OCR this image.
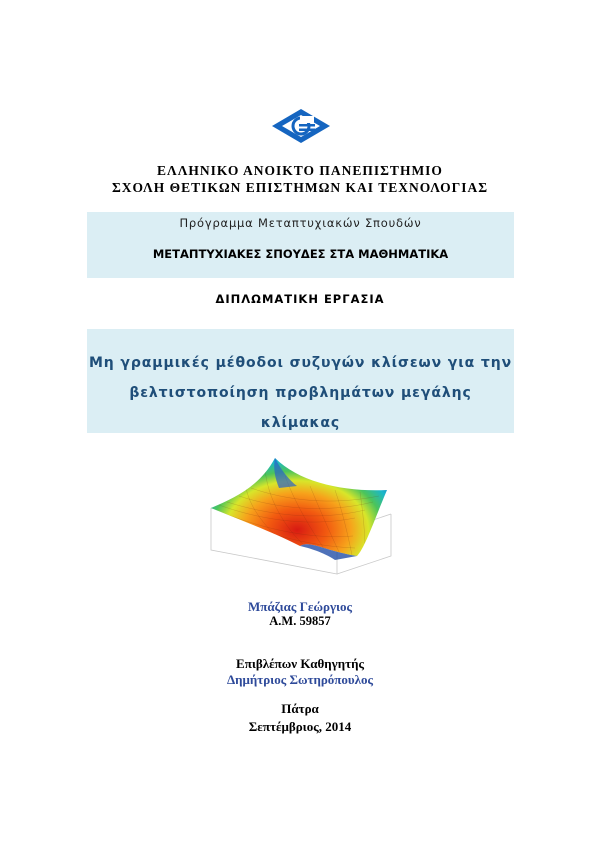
ΕΛΛΗΝΙΚΟ ΑΝΟΙΚΤΟ ΠΑΝΕΠΙΣΤΗΜΙΟ
ΣΧΟΛΗ ΘΕΤΙΚΩΝ ΕΠΙΣΤΗΜΩΝ ΚΑΙ ΤΕΧΝΟΛΟΓΙΑΣ
Πρόγραμμα Μεταπτυχιακών Σπουδών
ΜΕΤΑΠΤΥΧΙΑΚΕΣ ΣΠΟΥΔΕΣ ΣΤΑ ΜΑΘΗΜΑΤΙΚΑ
ΔΙΠΛΩΜΑΤΙΚΗ ΕΡΓΑΣΙΑ
Μη γραμμικές μέθοδοι συζυγών κλίσεων για την
βελτιστοποίηση προβλημάτων μεγάλης κλίμακας
Μπάζιας Γεώργιος
Α.Μ. 59857
Επιβλέπων Καθηγητής
Δημήτριος Σωτηρόπουλος
Πάτρα
Σεπτέμβριος, 2014
